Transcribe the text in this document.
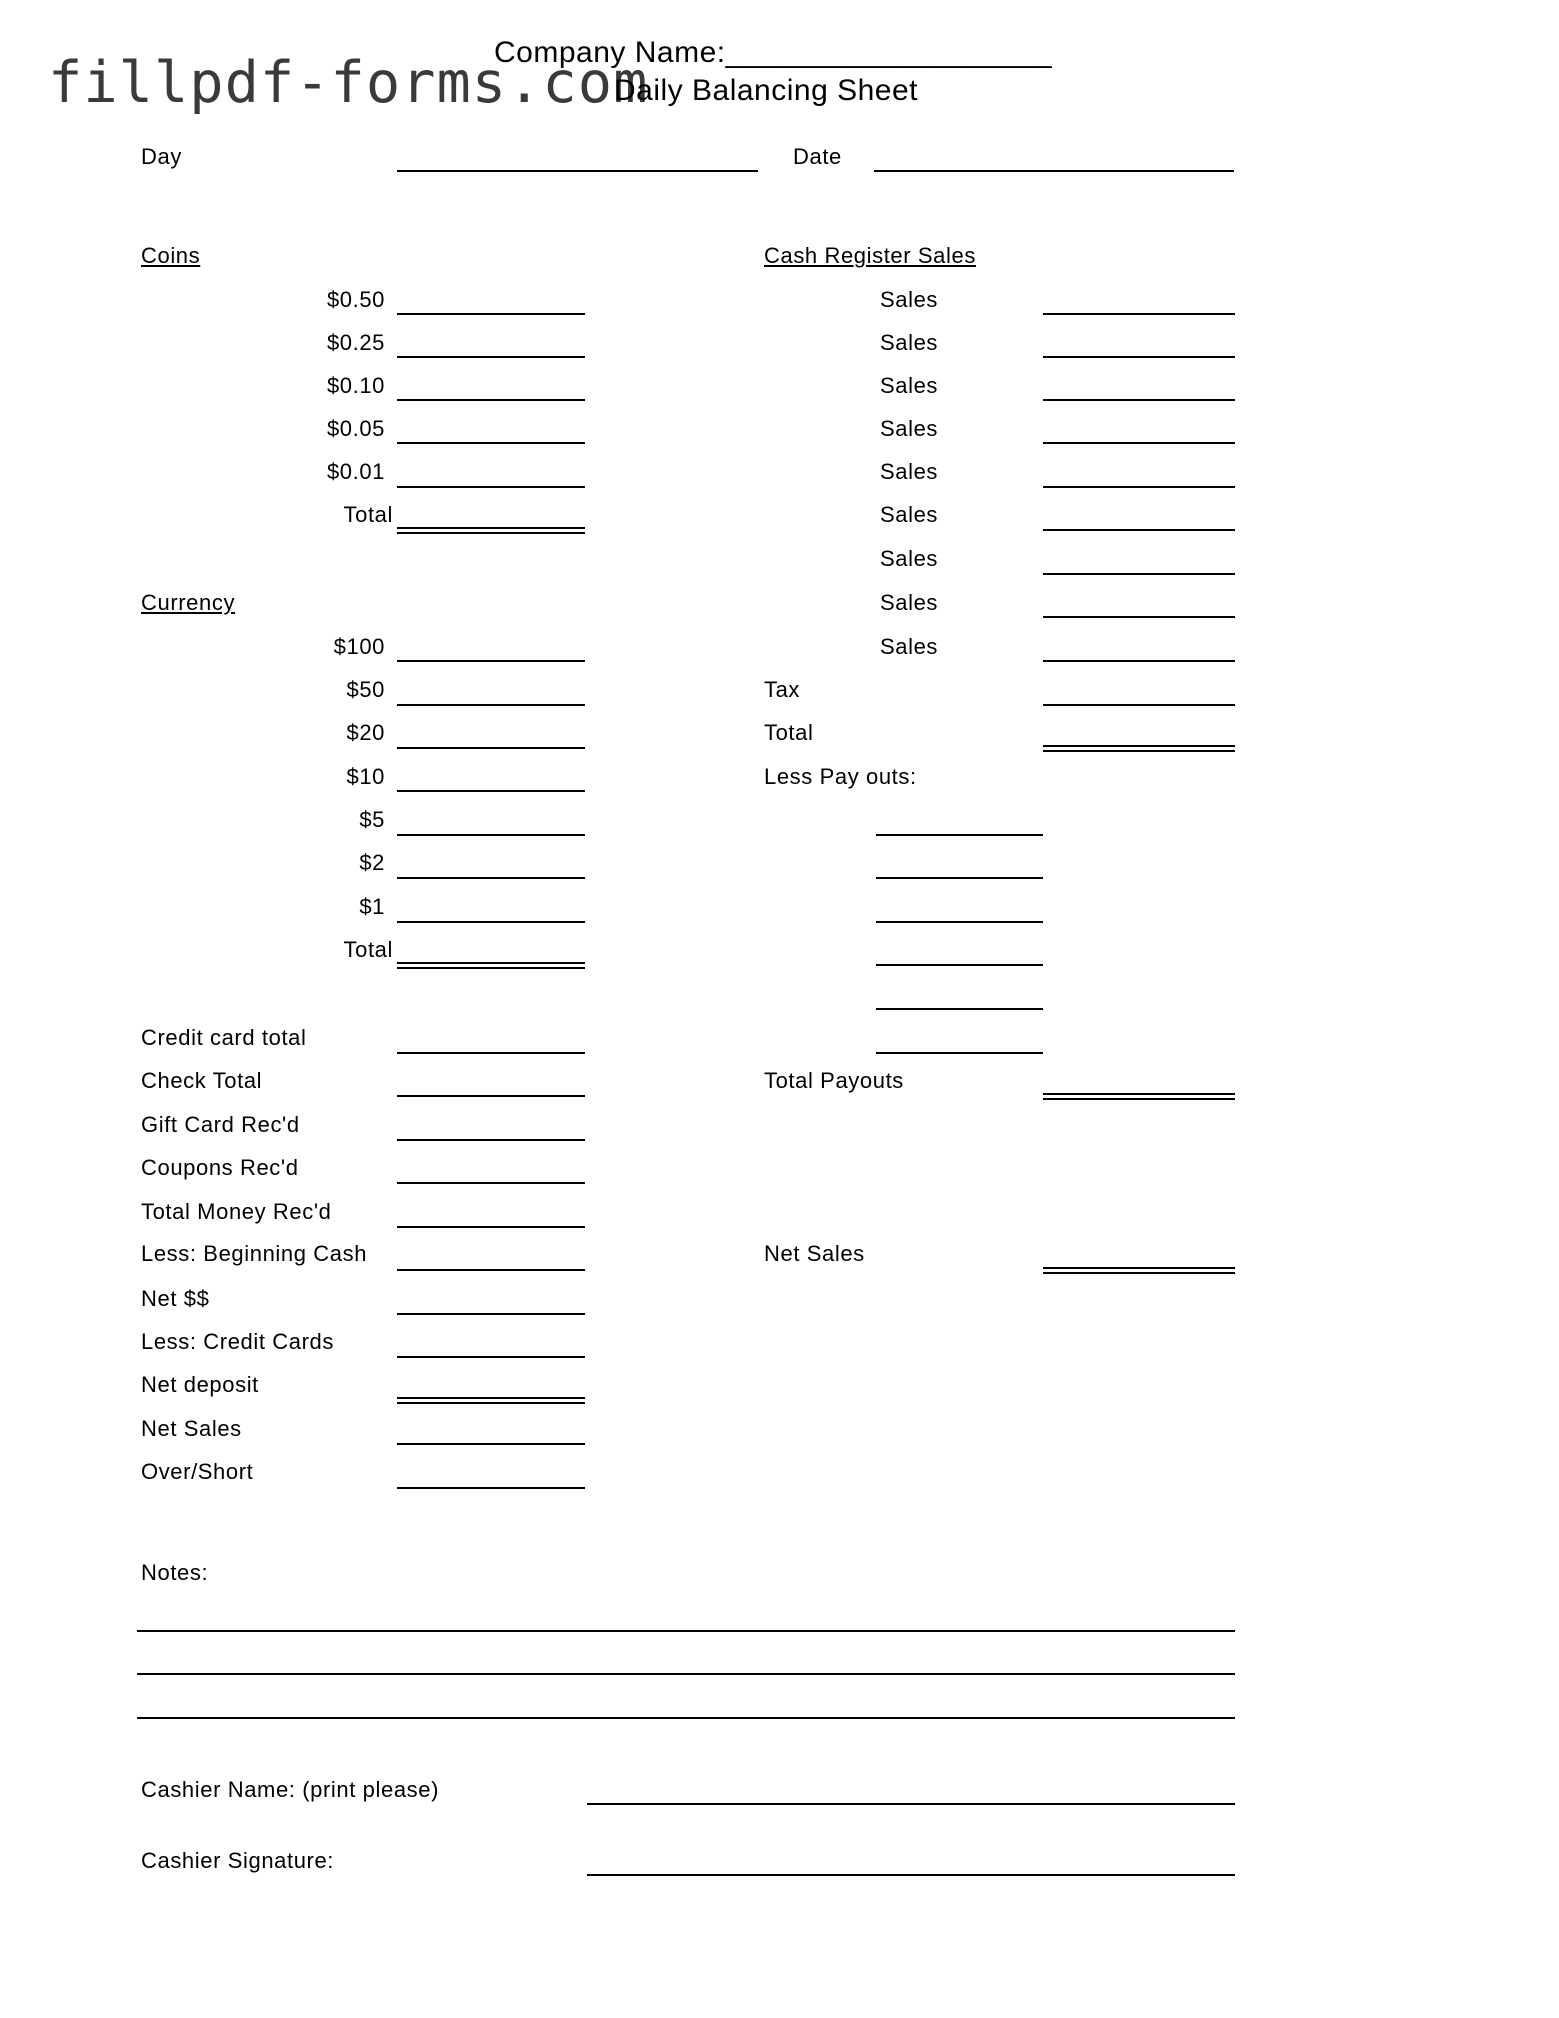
fillpdf-forms.com
Company Name:___________________
Daily Balancing Sheet
Day	Date
Coins
$0.50
$0.25
$0.10
$0.05
$0.01
Total
Currency
$100
$50
$20
$10
$5
$2
$1
Total
Credit card total
Check Total
Gift Card Rec'd
Coupons Rec'd
Total Money Rec'd
Less: Beginning Cash
Net $$
Less: Credit Cards
Net deposit
Net Sales
Over/Short
Cash Register Sales
Sales
Sales
Sales
Sales
Sales
Sales
Sales
Sales
Sales
Tax
Total
Less Pay outs:
Total Payouts
Net Sales
Notes:
Cashier Name: (print please)
Cashier Signature:
